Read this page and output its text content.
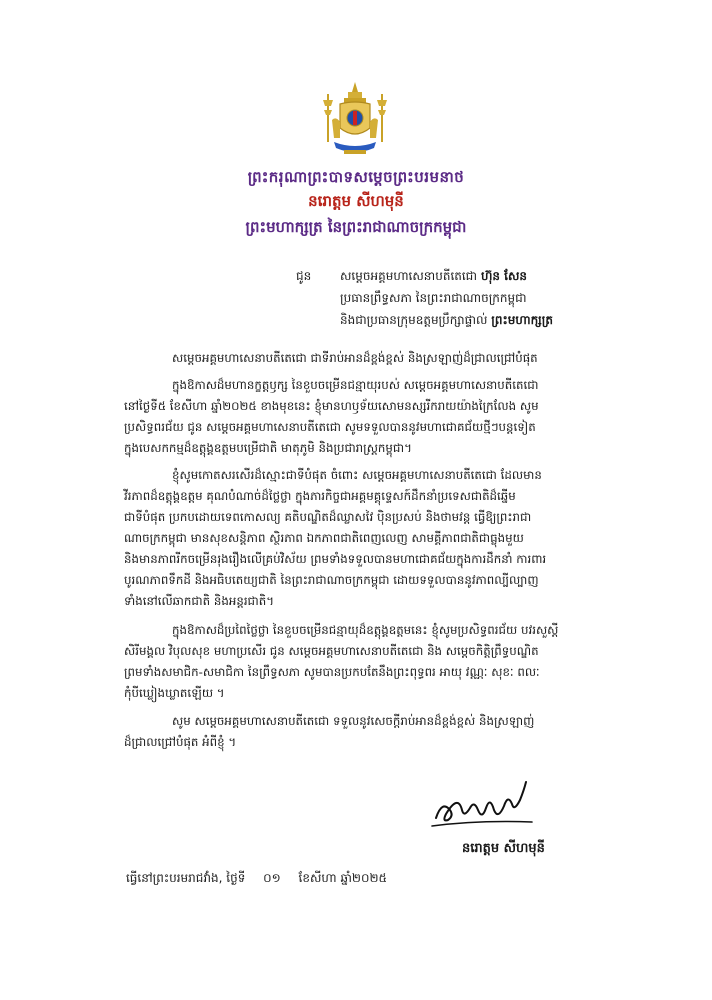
ព្រះករុណាព្រះបាទសម្តេចព្រះបរមនាថ
នរោត្តម សីហមុនី
ព្រះមហាក្សត្រ នៃព្រះរាជាណាចក្រកម្ពុជា
ជូន សម្តេចអគ្គមហាសេនាបតីតេជោ ហ៊ុន សែន
ប្រធានព្រឹទ្ធសភា នៃព្រះរាជាណាចក្រកម្ពុជា
និងជាប្រធានក្រុមឧត្តមប្រឹក្សាផ្ទាល់ ព្រះមហាក្សត្រ
សម្តេចអគ្គមហាសេនាបតីតេជោ ជាទីរាប់អានដ៏ខ្ពង់ខ្ពស់ និងស្រឡាញ់ដ៏ជ្រាលជ្រៅបំផុត
ក្នុងឱកាសដ៏មហានក្ខត្តឫក្ស នៃខួបចម្រើនជន្មាយុរបស់ សម្តេចអគ្គមហាសេនាបតីតេជោ
នៅថ្ងៃទី៥ ខែសីហា ឆ្នាំ២០២៥ ខាងមុខនេះ ខ្ញុំមានហឫទ័យសោមនស្សរីករាយយ៉ាងក្រៃលែង សូម
ប្រសិទ្ធពរជ័យ ជូន សម្តេចអគ្គមហាសេនាបតីតេជោ សូមទទួលបាននូវមហាជោគជ័យថ្មីៗបន្តទៀត
ក្នុងបេសកកម្មដ៏ឧត្តុង្គឧត្តមបម្រើជាតិ មាតុភូមិ និងប្រជារាស្រ្តកម្ពុជា។
ខ្ញុំសូមកោតសរសើរដ៏ស្មោះជាទីបំផុត ចំពោះ សម្តេចអគ្គមហាសេនាបតីតេជោ ដែលមាន
វីរភាពដ៏ឧត្តុង្គឧត្តម គុណបំណាច់ដ៏ថ្លៃថ្លា ក្នុងភារកិច្ចជាអគ្គមគ្គុទ្ទេសក៍ដឹកនាំប្រទេសជាតិដ៏ឆ្នើម
ជាទីបំផុត ប្រកបដោយទេពកោសល្យ គតិបណ្ឌិតដ៏ឈ្លាសវៃ ប៉ិនប្រសប់ និងថាមវន្ត ធ្វើឱ្យព្រះរាជា
ណាចក្រកម្ពុជា មានសុខសន្តិភាព ស្ថិរភាព ឯកភាពជាតិពេញលេញ សាមគ្គីភាពជាតិជាធ្លុងមួយ
និងមានភាពរីកចម្រើនរុងរឿងលើគ្រប់វិស័យ ព្រមទាំងទទួលបានមហាជោគជ័យក្នុងការដឹកនាំ ការពារ
បូរណភាពទឹកដី និងអធិបតេយ្យជាតិ នៃព្រះរាជាណាចក្រកម្ពុជា ដោយទទួលបាននូវភាពល្បីល្បាញ
ទាំងនៅលើឆាកជាតិ និងអន្តរជាតិ។
ក្នុងឱកាសដ៏ប្រពៃថ្លៃថ្លា នៃខួបចម្រើនជន្មាយុដ៏ឧត្តុង្គឧត្តមនេះ ខ្ញុំសូមប្រសិទ្ធពរជ័យ បវរសួស្តី
សិរីមង្គល វិបុលសុខ មហាប្រសើរ ជូន សម្តេចអគ្គមហាសេនាបតីតេជោ និង សម្តេចកិត្តិព្រឹទ្ធបណ្ឌិត
ព្រមទាំងសមាជិក-សមាជិកា នៃព្រឹទ្ធសភា សូមបានប្រកបតែនឹងព្រះពុទ្ធពរ អាយុ វណ្ណៈ សុខៈ ពលៈ
កុំបីឃ្លៀងឃ្លាតឡើយ ។
សូម សម្តេចអគ្គមហាសេនាបតីតេជោ ទទួលនូវសេចក្តីរាប់អានដ៏ខ្ពង់ខ្ពស់ និងស្រឡាញ់
ដ៏ជ្រាលជ្រៅបំផុត អំពីខ្ញុំ ។
នរោត្តម សីហមុនី
ធ្វើនៅព្រះបរមរាជវាំង, ថ្ងៃទី ០១ ខែសីហា ឆ្នាំ២០២៥
